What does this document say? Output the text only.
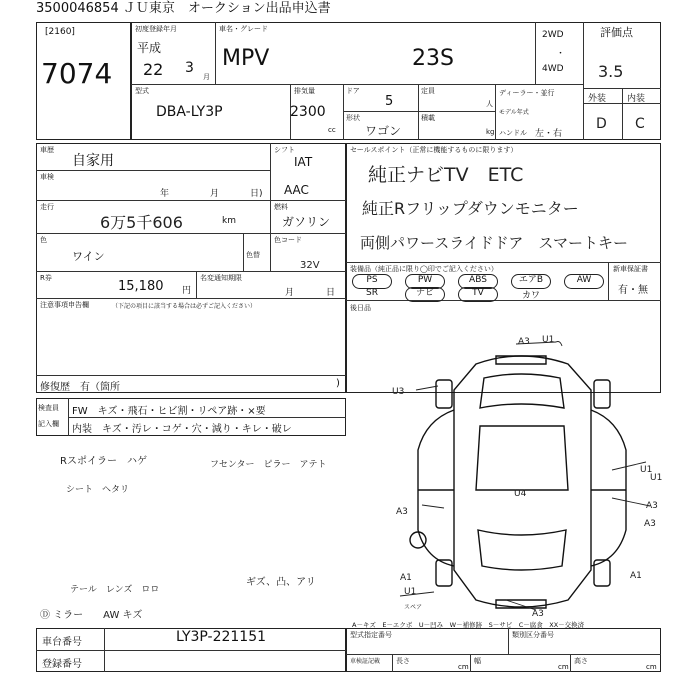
3500046854 ＪＵ東京　オークション出品申込書
[2160]
7074
初度登録年月
平成
22 3
月
車名・グレード
MPV	23S
2WD
・
4WD
評価点
3.5
外装 内装
D C
型式
DBA-LY3P
排気量
2300
cc
ドア
5
定員
人
形状
ワゴン
積載
kg
ディーラー・並行
モデル年式
ハンドル 左・右
車歴
自家用
車検
年	月	日)
走行
6万5千606	km
色
ワイン	色替
色コード
32V
シフト
IAT
AAC
燃料
ガソリン
R券
15,180 円
名変通知期限
月	日
注意事項申告欄	（下記の項目に該当する場合は必ずご記入ください）
修復歴 有（箇所	)
セールスポイント（正常に機能するものに限ります）
純正ナビTV　ETC
純正Rフリップダウンモニター
両側パワースライドドア　スマートキー
装備品（純正品に限り◯印でご記入ください）
PS	PW	ABS	エアB	AW
SR	ナビ	TV	カワ
新車保証書
有・無
後日品
検査員
記入欄
FW　キズ・飛石・ヒビ割・リペア跡・×要
内装　キズ・汚レ・コゲ・穴・減り・キレ・破レ
Rスポイラー　ハゲ	フセンター　ピラー　アテト
シート　ヘタリ
テール　レンズ　ロロ
ギズ、凸、アリ
Ⓓ ミラー　　AW キズ
A3 U1
U3
U4
U1
A3
A1
U1
A3
A1
U1
A3
A3
スペア
A－キズ　E－エクボ　U－凹み　W－補修跡　S－サビ　C－腐食　XX－交換済
車台番号	LY3P-221151
登録番号
型式指定番号	類別区分番号
車検証記載	長さ	幅	高さ
cm	cm	cm
